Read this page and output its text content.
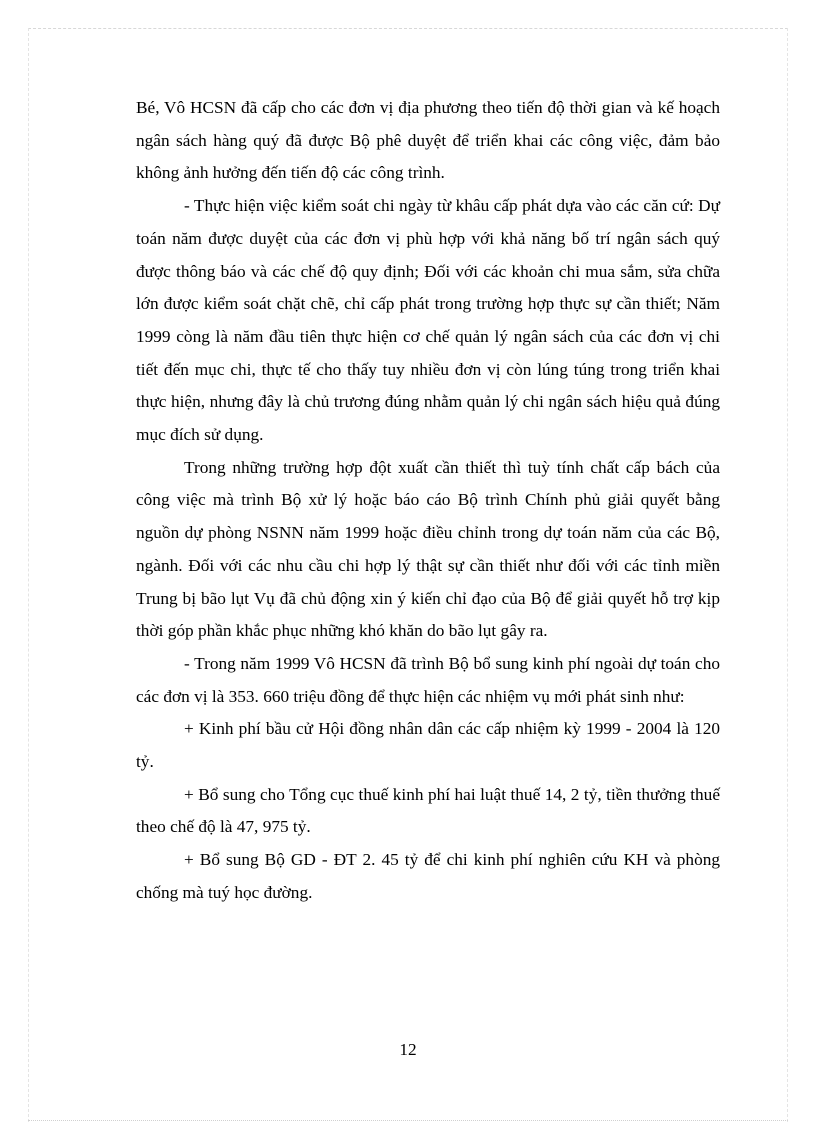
Bé, Vô HCSN đã cấp cho các đơn vị địa phương theo tiến độ thời gian và kế hoạch ngân sách hàng quý đã được Bộ phê duyệt để triển khai các công việc, đảm bảo không ảnh hưởng đến tiến độ các công trình.

- Thực hiện việc kiểm soát chi ngày từ khâu cấp phát dựa vào các căn cứ: Dự toán năm được duyệt của các đơn vị phù hợp với khả năng bố trí ngân sách quý được thông báo và các chế độ quy định; Đối với các khoản chi mua sắm, sửa chữa lớn được kiểm soát chặt chẽ, chỉ cấp phát trong trường hợp thực sự cần thiết; Năm 1999 còng là năm đầu tiên thực hiện cơ chế quản lý ngân sách của các đơn vị chi tiết đến mục chi, thực tế cho thấy tuy nhiều đơn vị còn lúng túng trong triển khai thực hiện, nhưng đây là chủ trương đúng nhằm quản lý chi ngân sách hiệu quả đúng mục đích sử dụng.

Trong những trường hợp đột xuất cần thiết thì tuỳ tính chất cấp bách của công việc mà trình Bộ xử lý hoặc báo cáo Bộ trình Chính phủ giải quyết bằng nguồn dự phòng NSNN năm 1999 hoặc điều chỉnh trong dự toán năm của các Bộ, ngành. Đối với các nhu cầu chi hợp lý thật sự cần thiết như đối với các tỉnh miền Trung bị bão lụt Vụ đã chủ động xin ý kiến chỉ đạo của Bộ để giải quyết hỗ trợ kịp thời góp phần khắc phục những khó khăn do bão lụt gây ra.

- Trong năm 1999 Vô HCSN đã trình Bộ bổ sung kinh phí ngoài dự toán cho các đơn vị là 353. 660 triệu đồng để thực hiện các nhiệm vụ mới phát sinh như:

+ Kinh phí bầu cử Hội đồng nhân dân các cấp nhiệm kỳ 1999 - 2004 là 120 tỷ.

+ Bổ sung cho Tổng cục thuế kinh phí hai luật thuế 14, 2 tỷ, tiền thưởng thuế theo chế độ là 47, 975 tỷ.

+ Bổ sung Bộ GD - ĐT 2. 45 tỷ để chi kinh phí nghiên cứu KH và phòng chống mà tuý học đường.

12
